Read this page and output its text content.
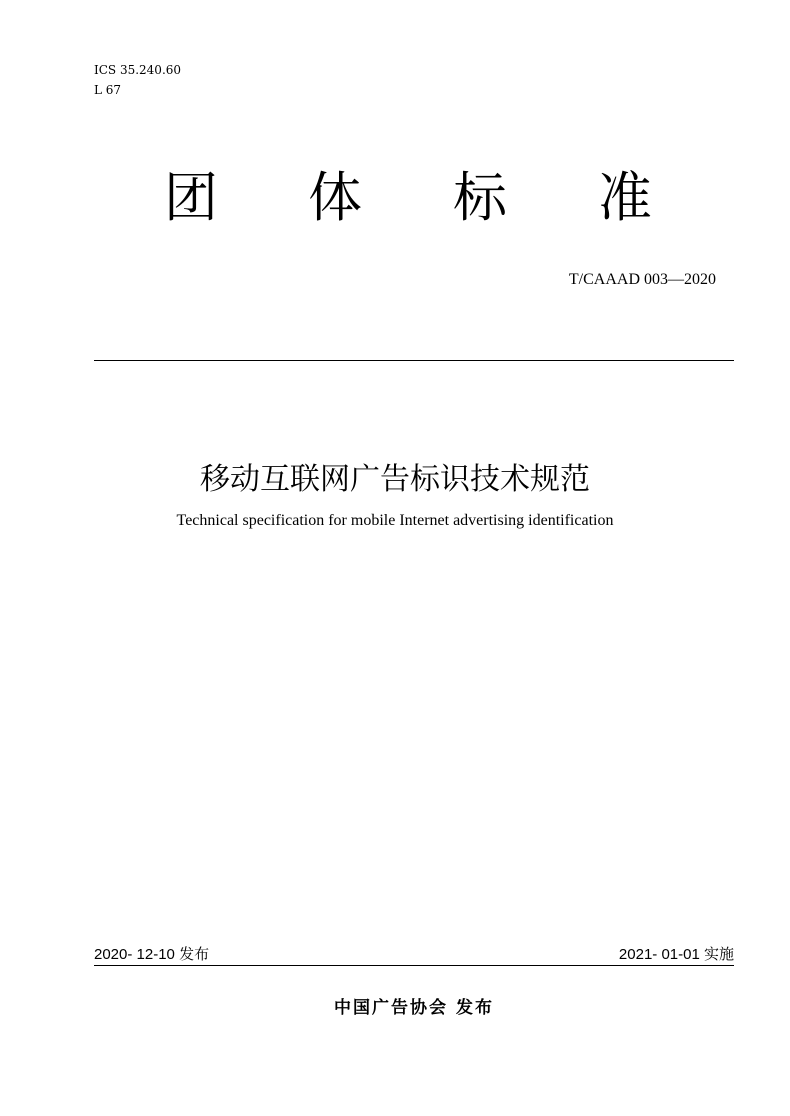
ICS 35.240.60
L 67
团 体 标 准
T/CAAAD 003—2020
移动互联网广告标识技术规范
Technical specification for mobile Internet advertising identification
2020- 12-10 发布	2021- 01-01 实施
中国广告协会 发布
